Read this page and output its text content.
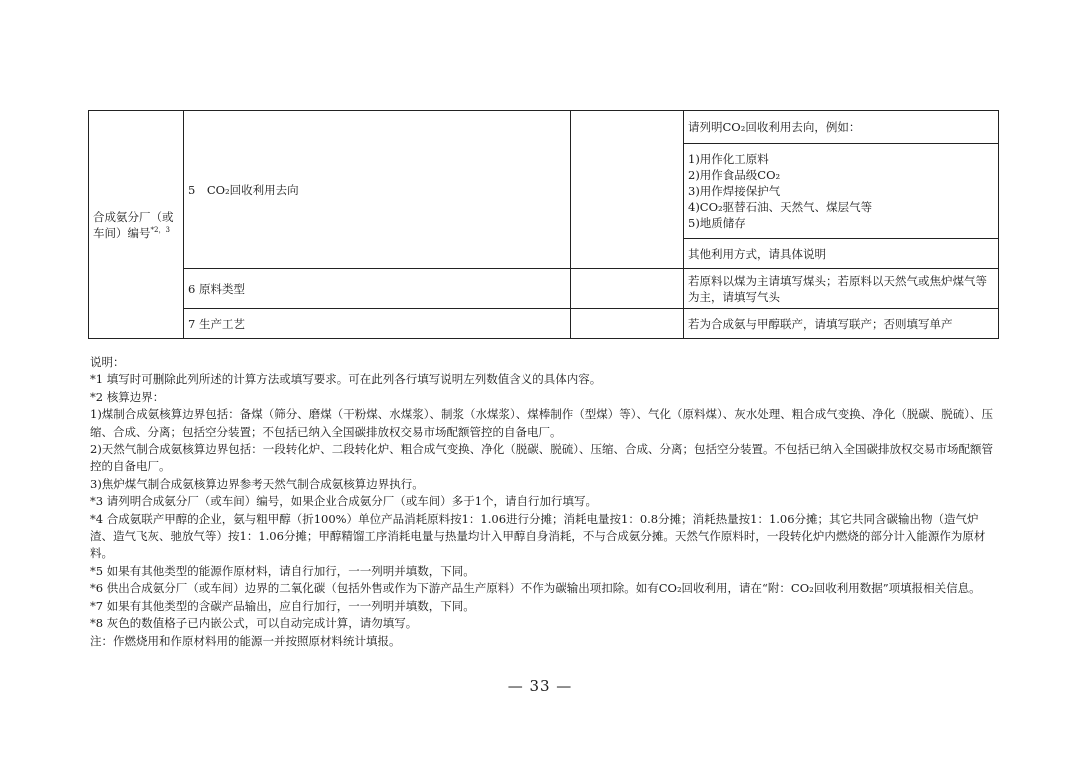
合成氨分厂（或车间）编号$^{*2,3}$	5　CO₂回收利用去向		请列明CO₂回收利用去向，例如：

			1)用作化工原料
2)用作食品级CO₂
3)用作焊接保护气
4)CO₂驱替石油、天然气、煤层气等
5)地质储存

			其他利用方式，请具体说明
	6 原料类型		若原料以煤为主请填写煤头；若原料以天然气或焦炉煤气等为主，请填写气头
	7 生产工艺		若为合成氨与甲醇联产，请填写联产；否则填写单产

说明：

*1 填写时可删除此列所述的计算方法或填写要求。可在此列各行填写说明左列数值含义的具体内容。

*2 核算边界：

1)煤制合成氨核算边界包括：备煤（筛分、磨煤（干粉煤、水煤浆）、制浆（水煤浆）、煤棒制作（型煤）等）、气化（原料煤）、灰水处理、粗合成气变换、净化（脱碳、脱硫）、压缩、合成、分离；包括空分装置；不包括已纳入全国碳排放权交易市场配额管控的自备电厂。

2)天然气制合成氨核算边界包括：一段转化炉、二段转化炉、粗合成气变换、净化（脱碳、脱硫）、压缩、合成、分离；包括空分装置。不包括已纳入全国碳排放权交易市场配额管控的自备电厂。

3)焦炉煤气制合成氨核算边界参考天然气制合成氨核算边界执行。

*3 请列明合成氨分厂（或车间）编号，如果企业合成氨分厂（或车间）多于1个，请自行加行填写。

*4 合成氨联产甲醇的企业，氨与粗甲醇（折100%）单位产品消耗原料按1：1.06进行分摊；消耗电量按1：0.8分摊；消耗热量按1：1.06分摊；其它共同含碳输出物（造气炉渣、造气飞灰、驰放气等）按1：1.06分摊；甲醇精馏工序消耗电量与热量均计入甲醇自身消耗，不与合成氨分摊。天然气作原料时，一段转化炉内燃烧的部分计入能源作为原材料。

*5 如果有其他类型的能源作原材料，请自行加行，一一列明并填数，下同。

*6 供出合成氨分厂（或车间）边界的二氧化碳（包括外售或作为下游产品生产原料）不作为碳输出项扣除。如有CO₂回收利用，请在“附：CO₂回收利用数据”项填报相关信息。

*7 如果有其他类型的含碳产品输出，应自行加行，一一列明并填数，下同。

*8 灰色的数值格子已内嵌公式，可以自动完成计算，请勿填写。

注：作燃烧用和作原材料用的能源一并按照原材料统计填报。

— 33 —
